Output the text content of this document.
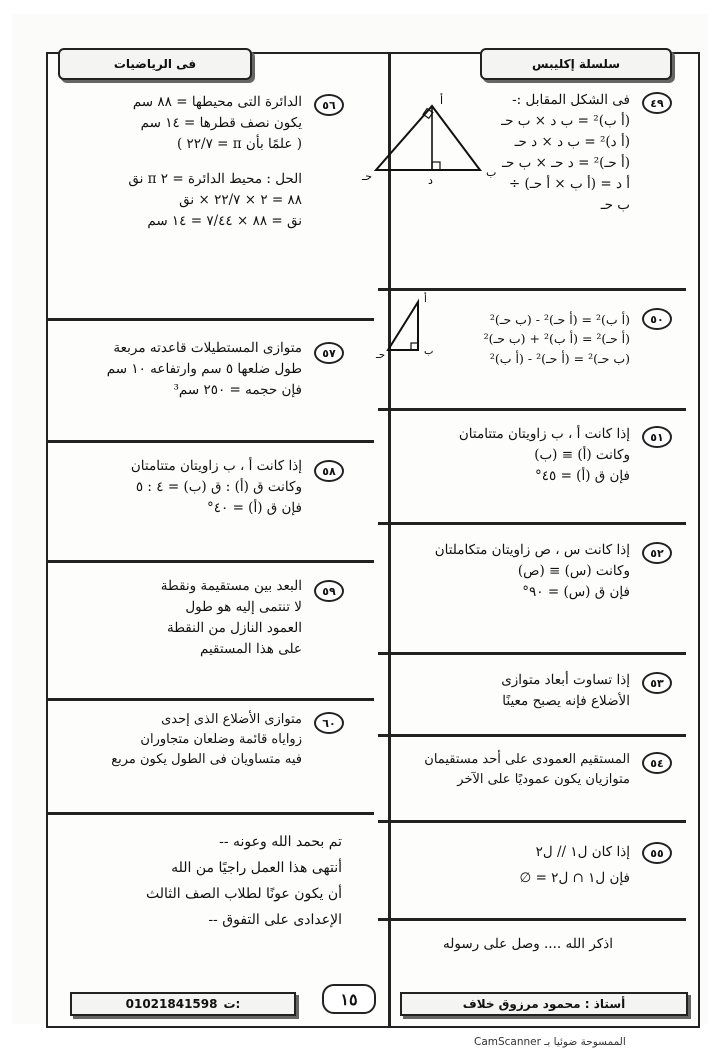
فى الرياضيات	سلسلة إكليبس
٤٩
فى الشكل المقابل :-
(أ ب)² = ب د × ب حـ
(أ د)² = ب د × د حـ
(أ حـ)² = د حـ × ب حـ
أ د = (أ ب × أ حـ) ÷ ب حـ
أ
ب
حـ	د
٥٠
(أ ب)² = (أ حـ)² - (ب حـ)²
(أ حـ)² = (أ ب)² + (ب حـ)²
(ب حـ)² = (أ حـ)² - (أ ب)²
أ
ب
حـ
٥١
إذا كانت أ ، ب زاويتان متتامتان
وكانت (أ) ≡ (ب)
فإن ق (أ) = ٤٥°
٥٢
إذا كانت س ، ص زاويتان متكاملتان
وكانت (س) ≡ (ص)
فإن ق (س) = ٩٠°
٥٣
إذا تساوت أبعاد متوازى
الأضلاع فإنه يصبح معينًا
٥٤
المستقيم العمودى على أحد مستقيمان
متوازيان يكون عموديًا على الآخر
٥٥
إذا كان ل١ // ل٢
فإن ل١ ∩ ل٢ = ∅
اذكر الله .... وصل على رسوله
٥٦
الدائرة التى محيطها = ٨٨ سم
يكون نصف قطرها = ١٤ سم
( علمًا بأن π = ٢٢/٧ )
الحل : محيط الدائرة = ٢ π نق
٨٨ = ٢ × ٢٢/٧ × نق
نق = ٨٨ × ٧/٤٤ = ١٤ سم
٥٧
متوازى المستطيلات قاعدته مربعة
طول ضلعها ٥ سم وارتفاعه ١٠ سم
فإن حجمه = ٢٥٠ سم³
٥٨
إذا كانت أ ، ب زاويتان متتامتان
وكانت ق (أ) : ق (ب) = ٤ : ٥
فإن ق (أ) = ٤٠°
٥٩
البعد بين مستقيمة ونقطة
لا تنتمى إليه هو طول
العمود النازل من النقطة
على هذا المستقيم
٦٠
متوازى الأضلاع الذى إحدى
زواياه قائمة وضلعان متجاوران
فيه متساويان فى الطول يكون مربع
تم بحمد الله وعونه --
أنتهى هذا العمل راجيًا من الله
أن يكون عونًا لطلاب الصف الثالث
الإعدادى على التفوق --
01021841598 ت:	١٥	أستاذ : محمود مرزوق خلاف
الممسوحة ضوئيا بـ CamScanner
